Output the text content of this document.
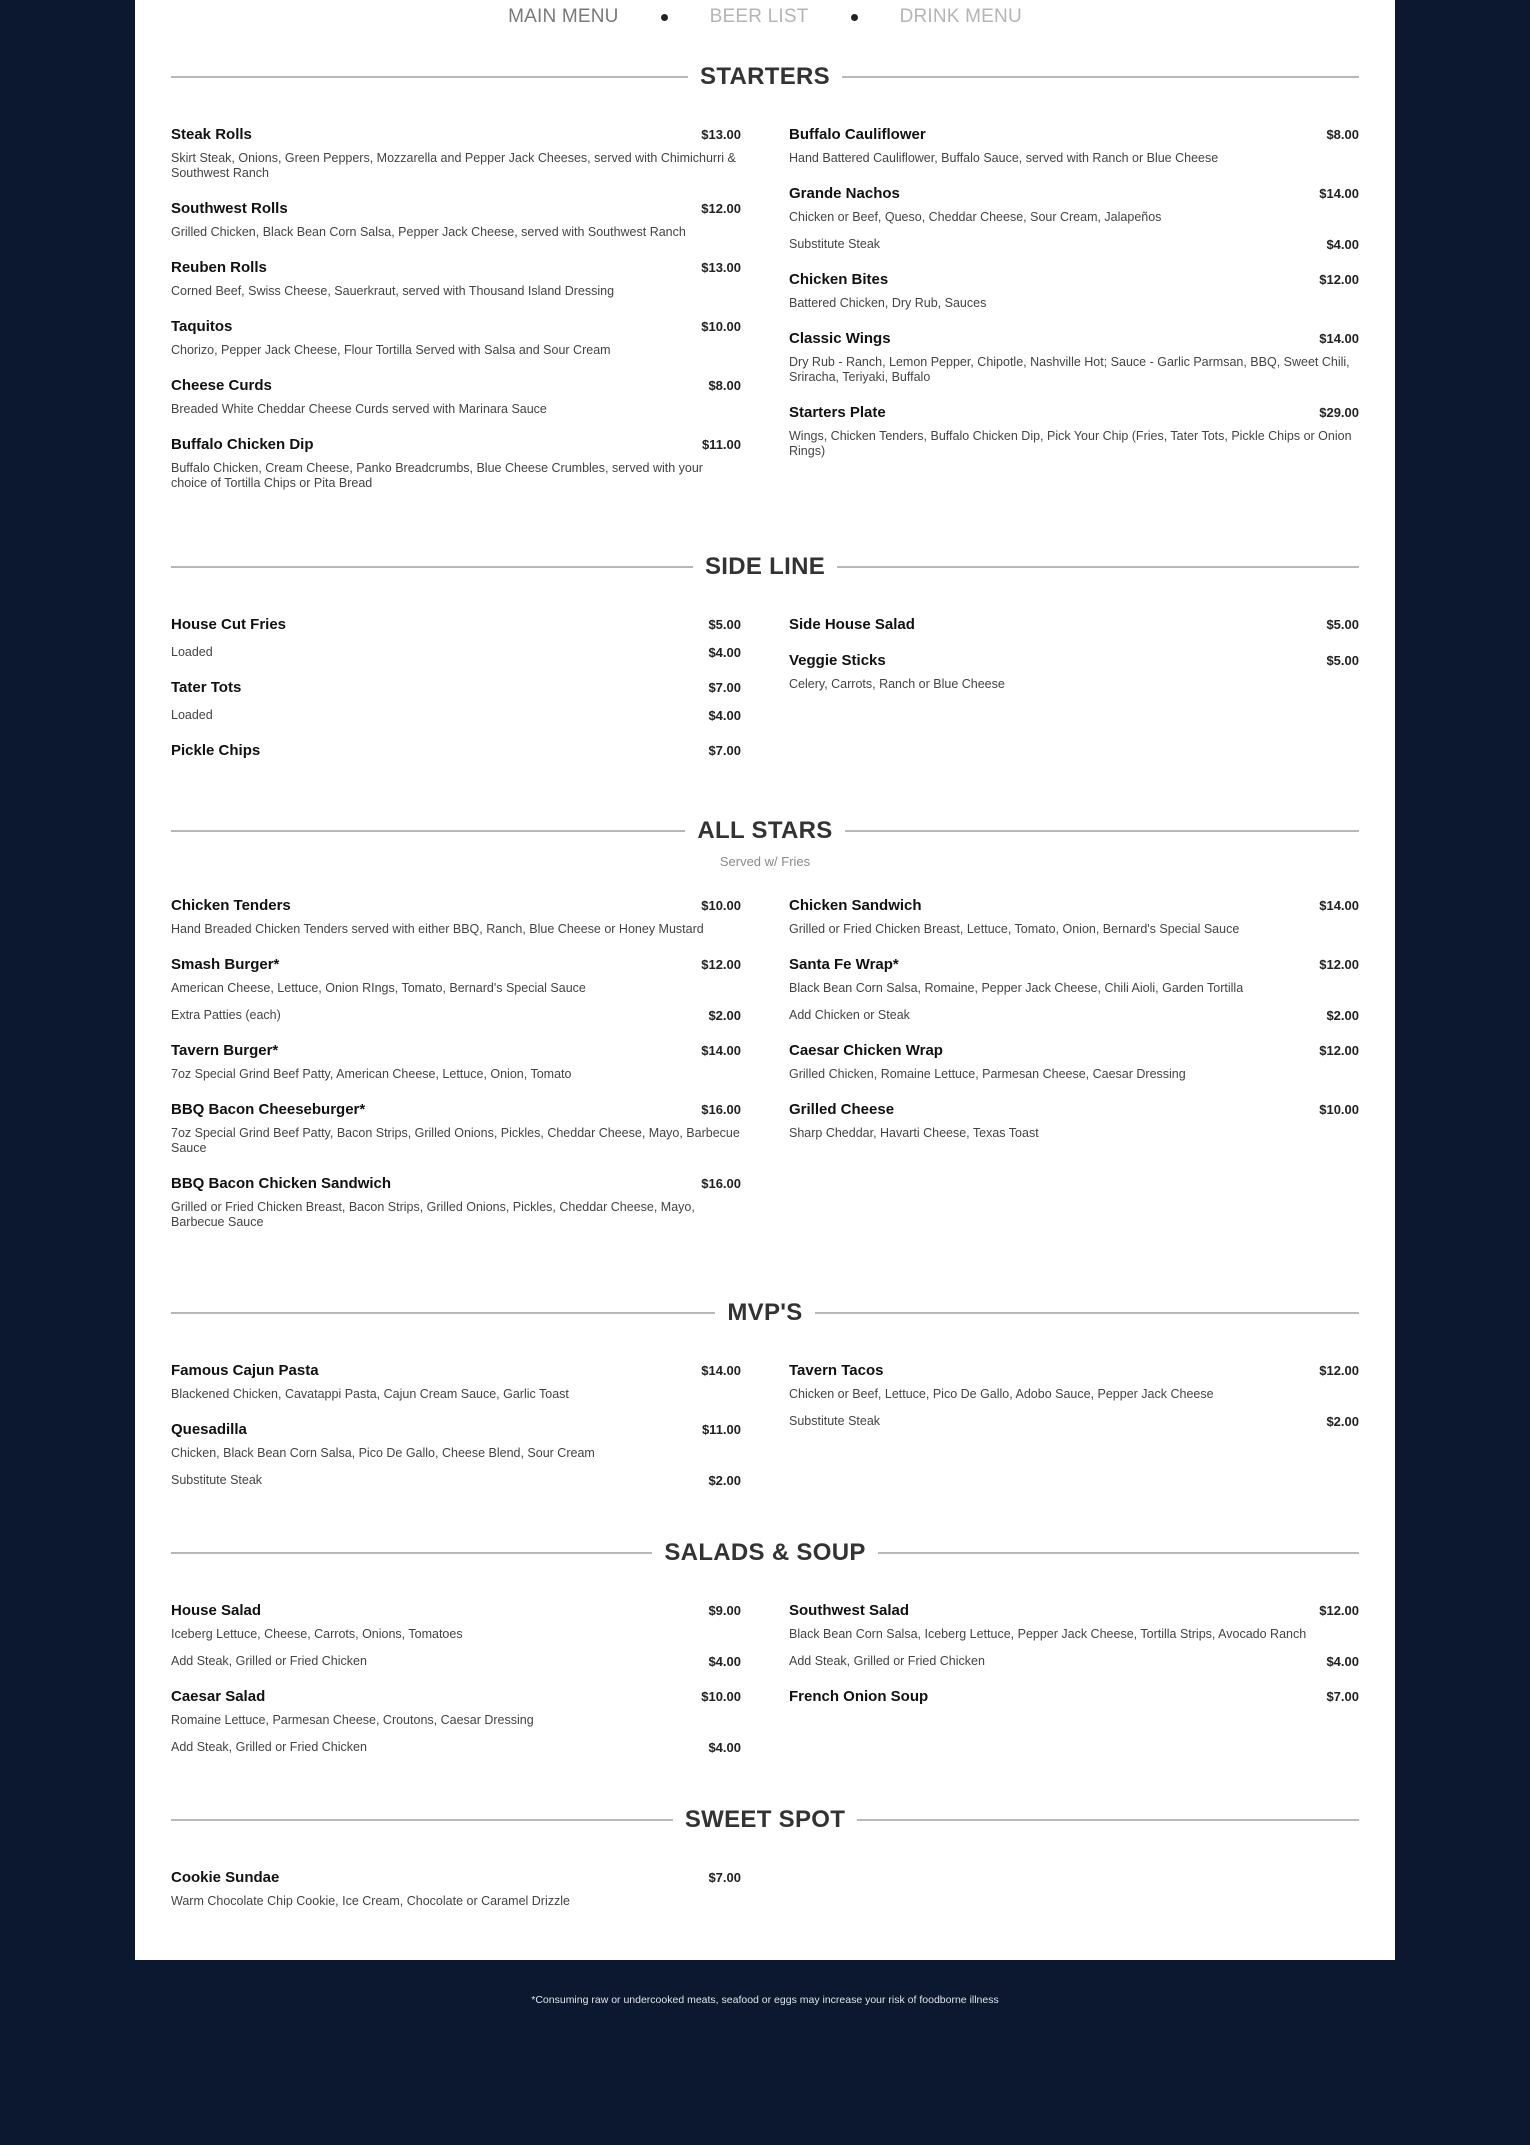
MAIN MENU	BEER LIST	DRINK MENU
STARTERS
Steak Rolls	$13.00
Skirt Steak, Onions, Green Peppers, Mozzarella and Pepper Jack Cheeses, served with Chimichurri & Southwest Ranch
Southwest Rolls	$12.00
Grilled Chicken, Black Bean Corn Salsa, Pepper Jack Cheese, served with Southwest Ranch
Reuben Rolls	$13.00
Corned Beef, Swiss Cheese, Sauerkraut, served with Thousand Island Dressing
Taquitos	$10.00
Chorizo, Pepper Jack Cheese, Flour Tortilla Served with Salsa and Sour Cream
Cheese Curds	$8.00
Breaded White Cheddar Cheese Curds served with Marinara Sauce
Buffalo Chicken Dip	$11.00
Buffalo Chicken, Cream Cheese, Panko Breadcrumbs, Blue Cheese Crumbles, served with your choice of Tortilla Chips or Pita Bread
Buffalo Cauliflower	$8.00
Hand Battered Cauliflower, Buffalo Sauce, served with Ranch or Blue Cheese
Grande Nachos	$14.00
Chicken or Beef, Queso, Cheddar Cheese, Sour Cream, Jalapeños
Substitute Steak	$4.00
Chicken Bites	$12.00
Battered Chicken, Dry Rub, Sauces
Classic Wings	$14.00
Dry Rub - Ranch, Lemon Pepper, Chipotle, Nashville Hot; Sauce - Garlic Parmsan, BBQ, Sweet Chili, Sriracha, Teriyaki, Buffalo
Starters Plate	$29.00
Wings, Chicken Tenders, Buffalo Chicken Dip, Pick Your Chip (Fries, Tater Tots, Pickle Chips or Onion Rings)
SIDE LINE
House Cut Fries	$5.00
Loaded	$4.00
Tater Tots	$7.00
Loaded	$4.00
Pickle Chips	$7.00
Side House Salad	$5.00
Veggie Sticks	$5.00
Celery, Carrots, Ranch or Blue Cheese
ALL STARS
Served w/ Fries
Chicken Tenders	$10.00
Hand Breaded Chicken Tenders served with either BBQ, Ranch, Blue Cheese or Honey Mustard
Smash Burger*	$12.00
American Cheese, Lettuce, Onion RIngs, Tomato, Bernard's Special Sauce
Extra Patties (each)	$2.00
Tavern Burger*	$14.00
7oz Special Grind Beef Patty, American Cheese, Lettuce, Onion, Tomato
BBQ Bacon Cheeseburger*	$16.00
7oz Special Grind Beef Patty, Bacon Strips, Grilled Onions, Pickles, Cheddar Cheese, Mayo, Barbecue Sauce
BBQ Bacon Chicken Sandwich	$16.00
Grilled or Fried Chicken Breast, Bacon Strips, Grilled Onions, Pickles, Cheddar Cheese, Mayo, Barbecue Sauce
Chicken Sandwich	$14.00
Grilled or Fried Chicken Breast, Lettuce, Tomato, Onion, Bernard's Special Sauce
Santa Fe Wrap*	$12.00
Black Bean Corn Salsa, Romaine, Pepper Jack Cheese, Chili Aioli, Garden Tortilla
Add Chicken or Steak	$2.00
Caesar Chicken Wrap	$12.00
Grilled Chicken, Romaine Lettuce, Parmesan Cheese, Caesar Dressing
Grilled Cheese	$10.00
Sharp Cheddar, Havarti Cheese, Texas Toast
MVP'S
Famous Cajun Pasta	$14.00
Blackened Chicken, Cavatappi Pasta, Cajun Cream Sauce, Garlic Toast
Quesadilla	$11.00
Chicken, Black Bean Corn Salsa, Pico De Gallo, Cheese Blend, Sour Cream
Substitute Steak	$2.00
Tavern Tacos	$12.00
Chicken or Beef, Lettuce, Pico De Gallo, Adobo Sauce, Pepper Jack Cheese
Substitute Steak	$2.00
SALADS & SOUP
House Salad	$9.00
Iceberg Lettuce, Cheese, Carrots, Onions, Tomatoes
Add Steak, Grilled or Fried Chicken	$4.00
Caesar Salad	$10.00
Romaine Lettuce, Parmesan Cheese, Croutons, Caesar Dressing
Add Steak, Grilled or Fried Chicken	$4.00
Southwest Salad	$12.00
Black Bean Corn Salsa, Iceberg Lettuce, Pepper Jack Cheese, Tortilla Strips, Avocado Ranch
Add Steak, Grilled or Fried Chicken	$4.00
French Onion Soup	$7.00
SWEET SPOT
Cookie Sundae	$7.00
Warm Chocolate Chip Cookie, Ice Cream, Chocolate or Caramel Drizzle
*Consuming raw or undercooked meats, seafood or eggs may increase your risk of foodborne illness
